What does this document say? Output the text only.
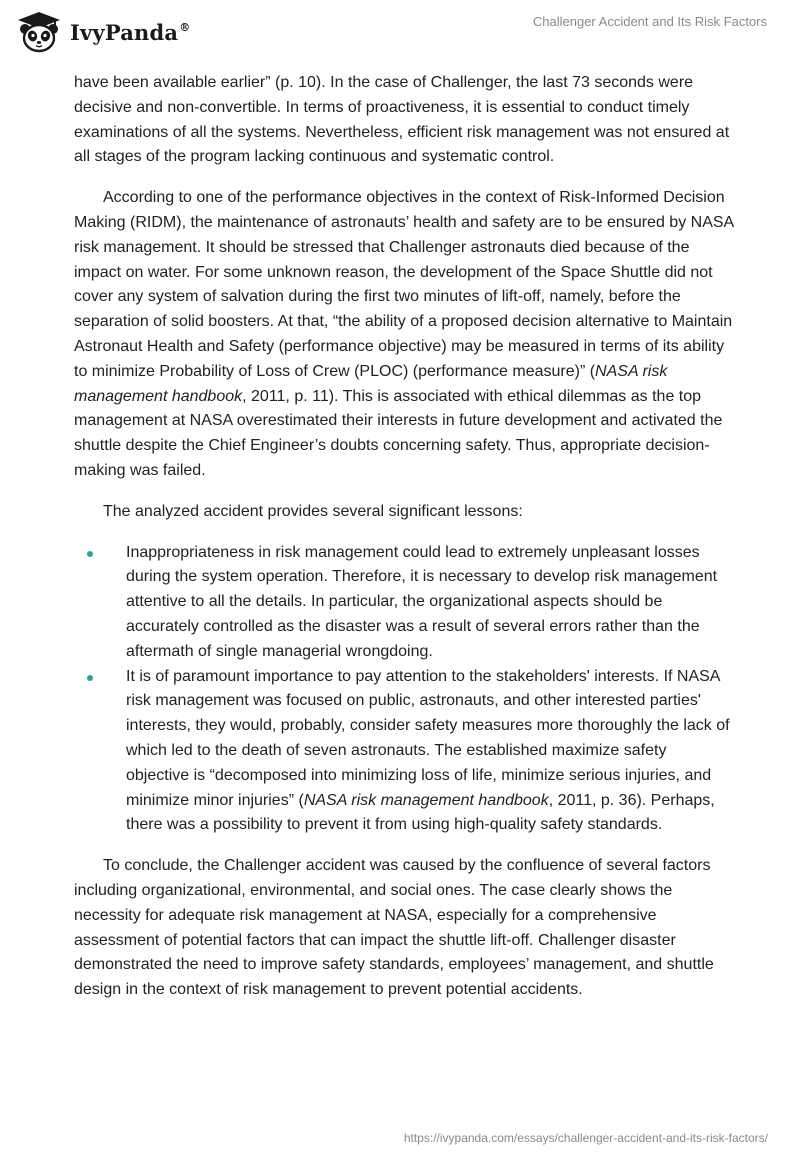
IvyPanda®	Challenger Accident and Its Risk Factors

have been available earlier” (p. 10). In the case of Challenger, the last 73 seconds were decisive and non-convertible. In terms of proactiveness, it is essential to conduct timely examinations of all the systems. Nevertheless, efficient risk management was not ensured at all stages of the program lacking continuous and systematic control.

According to one of the performance objectives in the context of Risk-Informed Decision Making (RIDM), the maintenance of astronauts’ health and safety are to be ensured by NASA risk management. It should be stressed that Challenger astronauts died because of the impact on water. For some unknown reason, the development of the Space Shuttle did not cover any system of salvation during the first two minutes of lift-off, namely, before the separation of solid boosters. At that, “the ability of a proposed decision alternative to Maintain Astronaut Health and Safety (performance objective) may be measured in terms of its ability to minimize Probability of Loss of Crew (PLOC) (performance measure)” (NASA risk management handbook, 2011, p. 11). This is associated with ethical dilemmas as the top management at NASA overestimated their interests in future development and activated the shuttle despite the Chief Engineer’s doubts concerning safety. Thus, appropriate decision-making was failed.

The analyzed accident provides several significant lessons:

Inappropriateness in risk management could lead to extremely unpleasant losses during the system operation. Therefore, it is necessary to develop risk management attentive to all the details. In particular, the organizational aspects should be accurately controlled as the disaster was a result of several errors rather than the aftermath of single managerial wrongdoing.
It is of paramount importance to pay attention to the stakeholders' interests. If NASA risk management was focused on public, astronauts, and other interested parties' interests, they would, probably, consider safety measures more thoroughly the lack of which led to the death of seven astronauts. The established maximize safety objective is “decomposed into minimizing loss of life, minimize serious injuries, and minimize minor injuries” (NASA risk management handbook, 2011, p. 36). Perhaps, there was a possibility to prevent it from using high-quality safety standards.

To conclude, the Challenger accident was caused by the confluence of several factors including organizational, environmental, and social ones. The case clearly shows the necessity for adequate risk management at NASA, especially for a comprehensive assessment of potential factors that can impact the shuttle lift-off. Challenger disaster demonstrated the need to improve safety standards, employees’ management, and shuttle design in the context of risk management to prevent potential accidents.

https://ivypanda.com/essays/challenger-accident-and-its-risk-factors/
